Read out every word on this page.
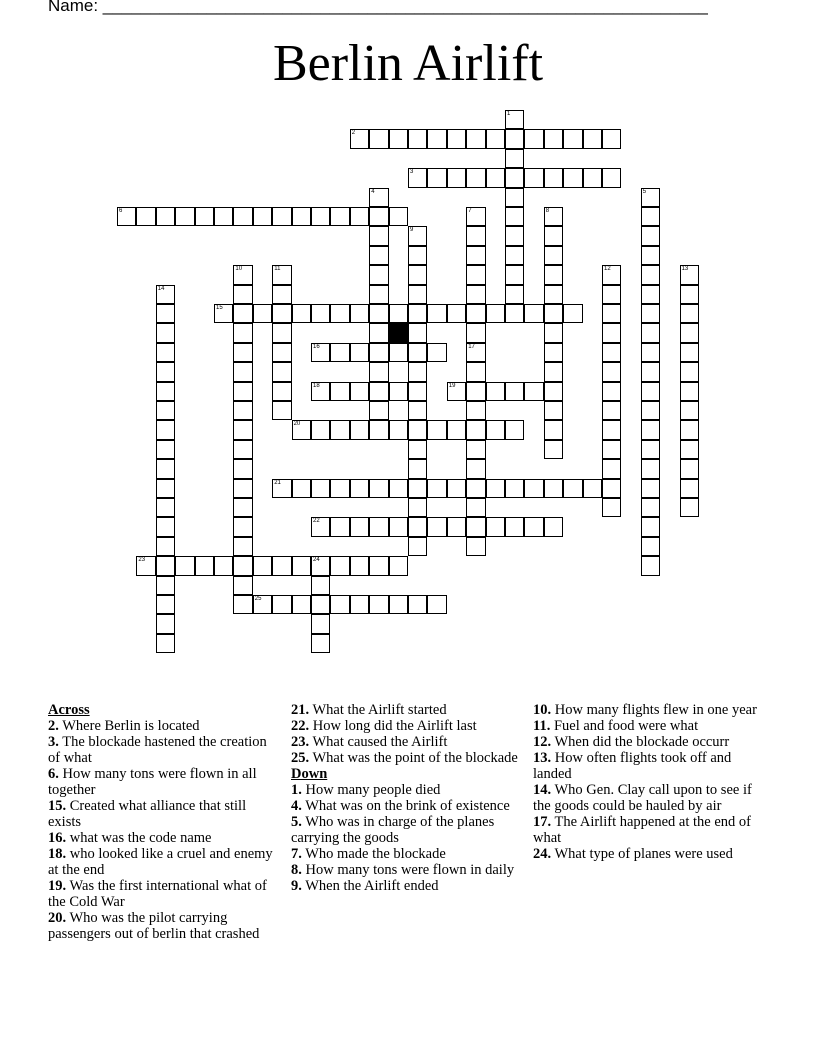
Name: ________________________________________________________________
Berlin Airlift
2
3
6
15
16
18	19
20
21
22
23	24
25
1
4	5
7
17
8
9
10	11	12	13
14
Across
2. Where Berlin is located
3. The blockade hastened the creation of what
6. How many tons were flown in all together
15. Created what alliance that still exists
16. what was the code name
18. who looked like a cruel and enemy at the end
19. Was the first international what of the Cold War
20. Who was the pilot carrying passengers out of berlin that crashed
21. What the Airlift started
22. How long did the Airlift last
23. What caused the Airlift
25. What was the point of the blockade
Down
1. How many people died
4. What was on the brink of existence
5. Who was in charge of the planes carrying the goods
7. Who made the blockade
8. How many tons were flown in daily
9. When the Airlift ended
10. How many flights flew in one year
11. Fuel and food were what
12. When did the blockade occurr
13. How often flights took off and landed
14. Who Gen. Clay call upon to see if the goods could be hauled by air
17. The Airlift happened at the end of what
24. What type of planes were used
